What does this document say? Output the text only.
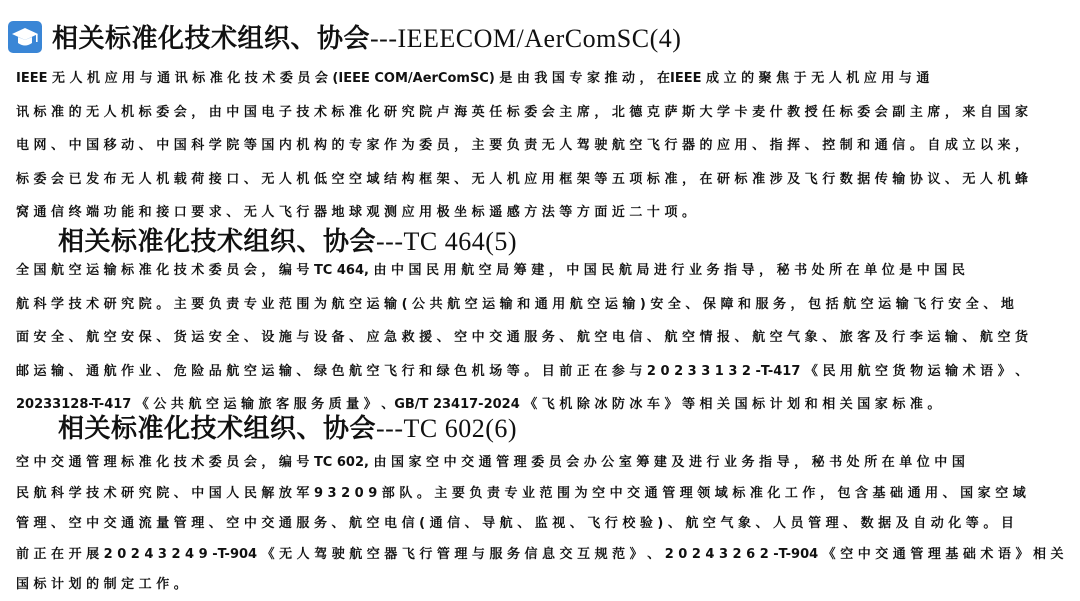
相关标准化技术组织、协会---IEEECOM/AerComSC(4)
IEEE 无 人 机 应 用 与 通 讯 标 准 化 技 术 委 员 会 (IEEE COM/AerComSC) 是 由 我 国 专 家 推 动 ， 在IEEE 成 立 的 聚 焦 于 无 人 机 应 用 与 通
讯 标 准 的 无 人 机 标 委 会 ， 由 中 国 电 子 技 术 标 准 化 研 究 院 卢 海 英 任 标 委 会 主 席 ， 北 德 克 萨 斯 大 学 卡 麦 什 教 授 任 标 委 会 副 主 席 ， 来 自 国 家
电 网 、 中 国 移 动 、 中 国 科 学 院 等 国 内 机 构 的 专 家 作 为 委 员 ， 主 要 负 责 无 人 驾 驶 航 空 飞 行 器 的 应 用 、 指 挥 、 控 制 和 通 信 。 自 成 立 以 来 ，
标 委 会 已 发 布 无 人 机 载 荷 接 口 、 无 人 机 低 空 空 域 结 构 框 架 、 无 人 机 应 用 框 架 等 五 项 标 准 ， 在 研 标 准 涉 及 飞 行 数 据 传 输 协 议 、 无 人 机 蜂
窝 通 信 终 端 功 能 和 接 口 要 求 、 无 人 飞 行 器 地 球 观 测 应 用 极 坐 标 遥 感 方 法 等 方 面 近 二 十 项 。
相关标准化技术组织、协会---TC 464(5)
全 国 航 空 运 输 标 准 化 技 术 委 员 会 ， 编 号 TC 464, 由 中 国 民 用 航 空 局 筹 建 ， 中 国 民 航 局 进 行 业 务 指 导 ， 秘 书 处 所 在 单 位 是 中 国 民
航 科 学 技 术 研 究 院 。 主 要 负 责 专 业 范 围 为 航 空 运 输 ( 公 共 航 空 运 输 和 通 用 航 空 运 输 ) 安 全 、 保 障 和 服 务 ， 包 括 航 空 运 输 飞 行 安 全 、 地
面 安 全 、 航 空 安 保 、 货 运 安 全 、 设 施 与 设 备 、 应 急 救 援 、 空 中 交 通 服 务 、 航 空 电 信 、 航 空 情 报 、 航 空 气 象 、 旅 客 及 行 李 运 输 、 航 空 货
邮 运 输 、 通 航 作 业 、 危 险 品 航 空 运 输 、 绿 色 航 空 飞 行 和 绿 色 机 场 等 。 目 前 正 在 参 与 2 0 2 3 3 1 3 2 -T-417 《 民 用 航 空 货 物 运 输 术 语 》 、
20233128-T-417 《 公 共 航 空 运 输 旅 客 服 务 质 量 》 、GB/T 23417-2024 《 飞 机 除 冰 防 冰 车 》 等 相 关 国 标 计 划 和 相 关 国 家 标 准 。
相关标准化技术组织、协会---TC 602(6)
空 中 交 通 管 理 标 准 化 技 术 委 员 会 ， 编 号 TC 602, 由 国 家 空 中 交 通 管 理 委 员 会 办 公 室 筹 建 及 进 行 业 务 指 导 ， 秘 书 处 所 在 单 位 中 国
民 航 科 学 技 术 研 究 院 、 中 国 人 民 解 放 军 9 3 2 0 9 部 队 。 主 要 负 责 专 业 范 围 为 空 中 交 通 管 理 领 域 标 准 化 工 作 ， 包 含 基 础 通 用 、 国 家 空 域
管 理 、 空 中 交 通 流 量 管 理 、 空 中 交 通 服 务 、 航 空 电 信 ( 通 信 、 导 航 、 监 视 、 飞 行 校 验 ) 、 航 空 气 象 、 人 员 管 理 、 数 据 及 自 动 化 等 。 目
前 正 在 开 展 2 0 2 4 3 2 4 9 -T-904 《 无 人 驾 驶 航 空 器 飞 行 管 理 与 服 务 信 息 交 互 规 范 》 、 2 0 2 4 3 2 6 2 -T-904 《 空 中 交 通 管 理 基 础 术 语 》 相 关
国 标 计 划 的 制 定 工 作 。
